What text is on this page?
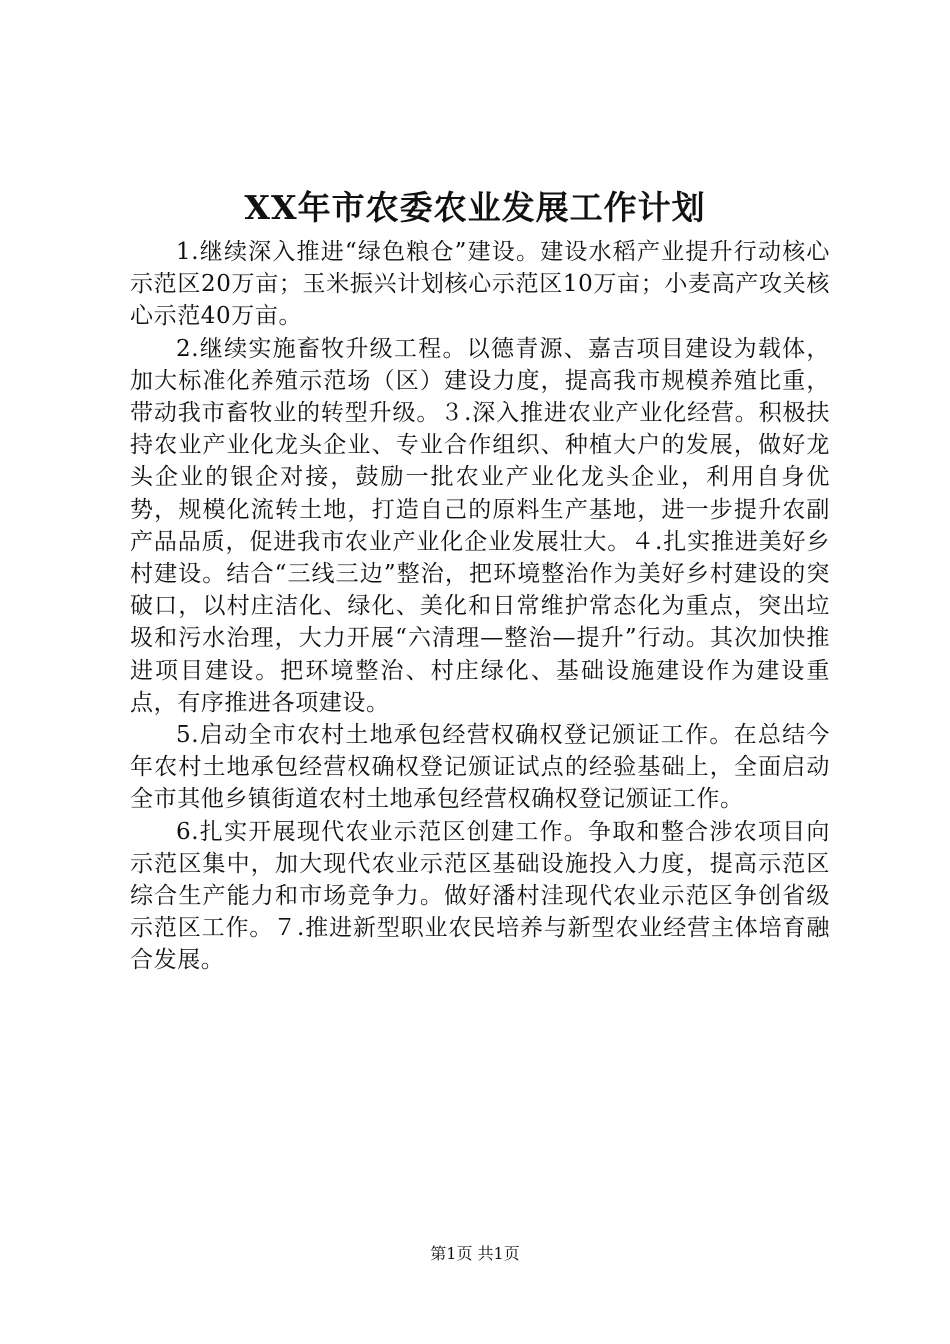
XX年市农委农业发展工作计划

1.继续深入推进“绿色粮仓”建设。建设水稻产业提升行动核心示范区20万亩；玉米振兴计划核心示范区10万亩；小麦高产攻关核心示范40万亩。

2.继续实施畜牧升级工程。以德青源、嘉吉项目建设为载体，加大标准化养殖示范场（区）建设力度，提高我市规模养殖比重，带动我市畜牧业的转型升级。３.深入推进农业产业化经营。积极扶持农业产业化龙头企业、专业合作组织、种植大户的发展，做好龙头企业的银企对接，鼓励一批农业产业化龙头企业，利用自身优势，规模化流转土地，打造自己的原料生产基地，进一步提升农副产品品质，促进我市农业产业化企业发展壮大。４.扎实推进美好乡村建设。结合“三线三边”整治，把环境整治作为美好乡村建设的突破口，以村庄洁化、绿化、美化和日常维护常态化为重点，突出垃圾和污水治理，大力开展“六清理—整治—提升”行动。其次加快推进项目建设。把环境整治、村庄绿化、基础设施建设作为建设重点，有序推进各项建设。

5.启动全市农村土地承包经营权确权登记颁证工作。在总结今年农村土地承包经营权确权登记颁证试点的经验基础上，全面启动全市其他乡镇街道农村土地承包经营权确权登记颁证工作。

6.扎实开展现代农业示范区创建工作。争取和整合涉农项目向示范区集中，加大现代农业示范区基础设施投入力度，提高示范区综合生产能力和市场竞争力。做好潘村洼现代农业示范区争创省级示范区工作。７.推进新型职业农民培养与新型农业经营主体培育融合发展。

第1页 共1页
